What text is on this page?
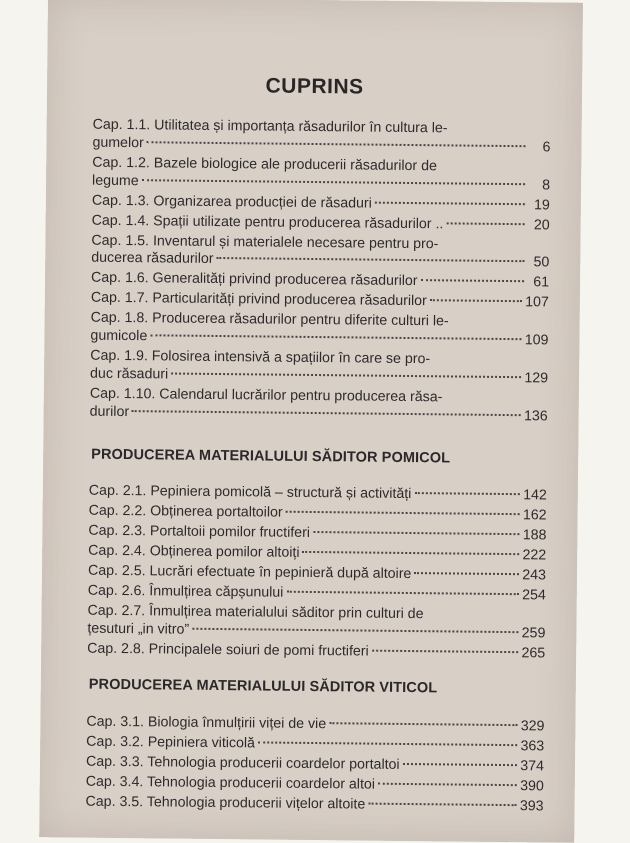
CUPRINS
Cap. 1.1. Utilitatea și importanța răsadurilor în cultura le-
gumelor	6
Cap. 1.2. Bazele biologice ale producerii răsadurilor de
legume	8
Cap. 1.3. Organizarea producției de răsaduri	19
Cap. 1.4. Spații utilizate pentru producerea răsadurilor ..	20
Cap. 1.5. Inventarul și materialele necesare pentru pro-
ducerea răsadurilor	50
Cap. 1.6. Generalități privind producerea răsadurilor	61
Cap. 1.7. Particularități privind producerea răsadurilor	107
Cap. 1.8. Producerea răsadurilor pentru diferite culturi le-
gumicole	109
Cap. 1.9. Folosirea intensivă a spațiilor în care se pro-
duc răsaduri	129
Cap. 1.10. Calendarul lucrărilor pentru producerea răsa-
durilor	136
PRODUCEREA MATERIALULUI SĂDITOR POMICOL
Cap. 2.1. Pepiniera pomicolă – structură și activități	142
Cap. 2.2. Obținerea portaltoilor	162
Cap. 2.3. Portaltoii pomilor fructiferi	188
Cap. 2.4. Obținerea pomilor altoiți	222
Cap. 2.5. Lucrări efectuate în pepinieră după altoire	243
Cap. 2.6. Înmulțirea căpșunului	254
Cap. 2.7. Înmulțirea materialului săditor prin culturi de
țesuturi „in vitro”	259
Cap. 2.8. Principalele soiuri de pomi fructiferi	265
PRODUCEREA MATERIALULUI SĂDITOR VITICOL
Cap. 3.1. Biologia înmulțirii viței de vie	329
Cap. 3.2. Pepiniera viticolă	363
Cap. 3.3. Tehnologia producerii coardelor portaltoi	374
Cap. 3.4. Tehnologia producerii coardelor altoi	390
Cap. 3.5. Tehnologia producerii vițelor altoite	393
